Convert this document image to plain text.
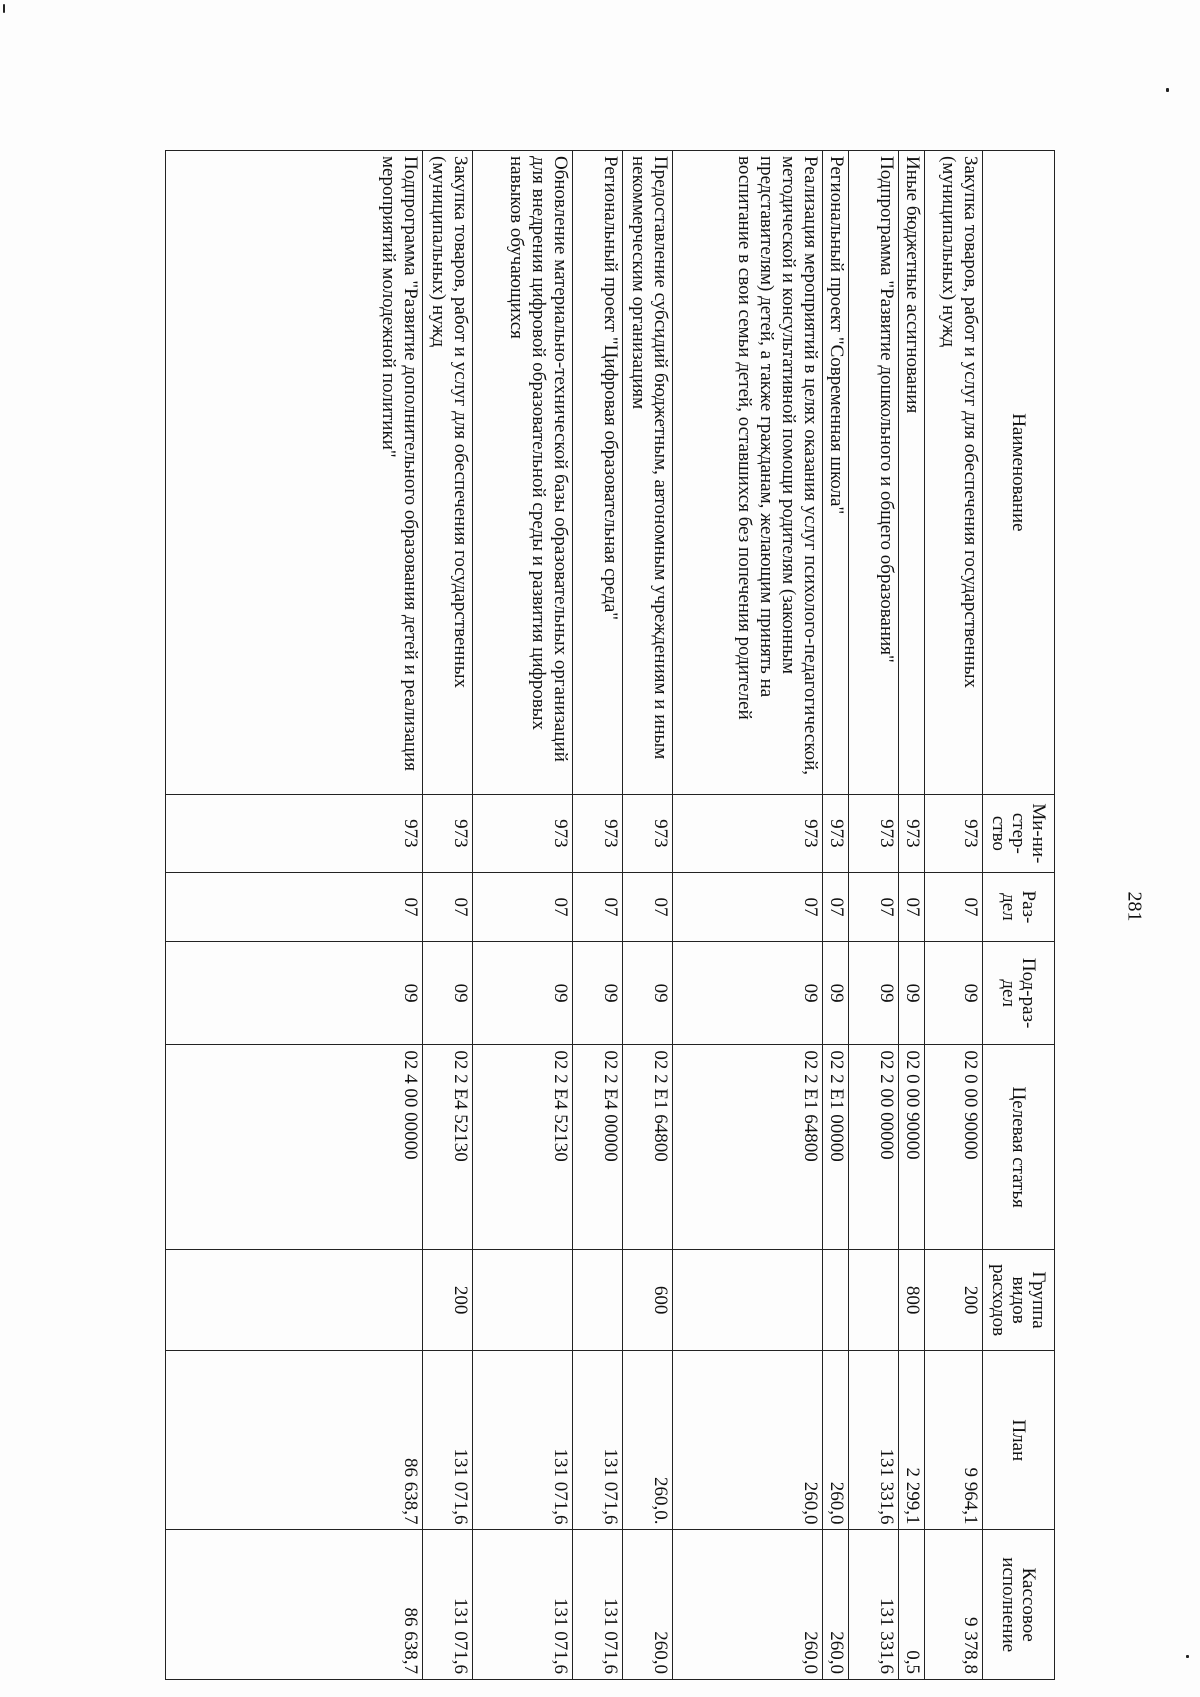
281
Наименование	Ми-ни-стер-ство	Раз-дел	Под-раз-дел	Целевая статья	Группа видов расходов	План	Кассовое исполнение
Закупка товаров, работ и услуг для обеспечения государственных (муниципальных) нужд	973	07	09	02 0 00 90000	200	9 964,1	9 378,8
Иные бюджетные ассигнования	973	07	09	02 0 00 90000	800	2 299,1	0,5
Подпрограмма "Развитие дошкольного и общего образования"	973	07	09	02 2 00 00000		131 331,6	131 331,6
Региональный проект "Современная школа"	973	07	09	02 2 E1 00000		260,0	260,0
Реализация мероприятий в целях оказания услуг психолого-педагогической, методической и консультативной помощи родителям (законным представителям) детей, а также гражданам, желающим принять на воспитание в свои семьи детей, оставшихся без попечения родителей	973	07	09	02 2 E1 64800		260,0	260,0
Предоставление субсидий бюджетным, автономным учреждениям и иным некоммерческим организациям	973	07	09	02 2 E1 64800	600	260,0.	260,0
Региональный проект "Цифровая образовательная среда"	973	07	09	02 2 E4 00000		131 071,6	131 071,6
Обновление материально-технической базы образовательных организаций для внедрения цифровой образовательной среды и развития цифровых навыков обучающихся	973	07	09	02 2 E4 52130		131 071,6	131 071,6
Закупка товаров, работ и услуг для обеспечения государственных (муниципальных) нужд	973	07	09	02 2 E4 52130	200	131 071,6	131 071,6
Подпрограмма "Развитие дополнительного образования детей и реализация мероприятий молодежной политики"	973	07	09	02 4 00 00000		86 638,7	86 638,7
